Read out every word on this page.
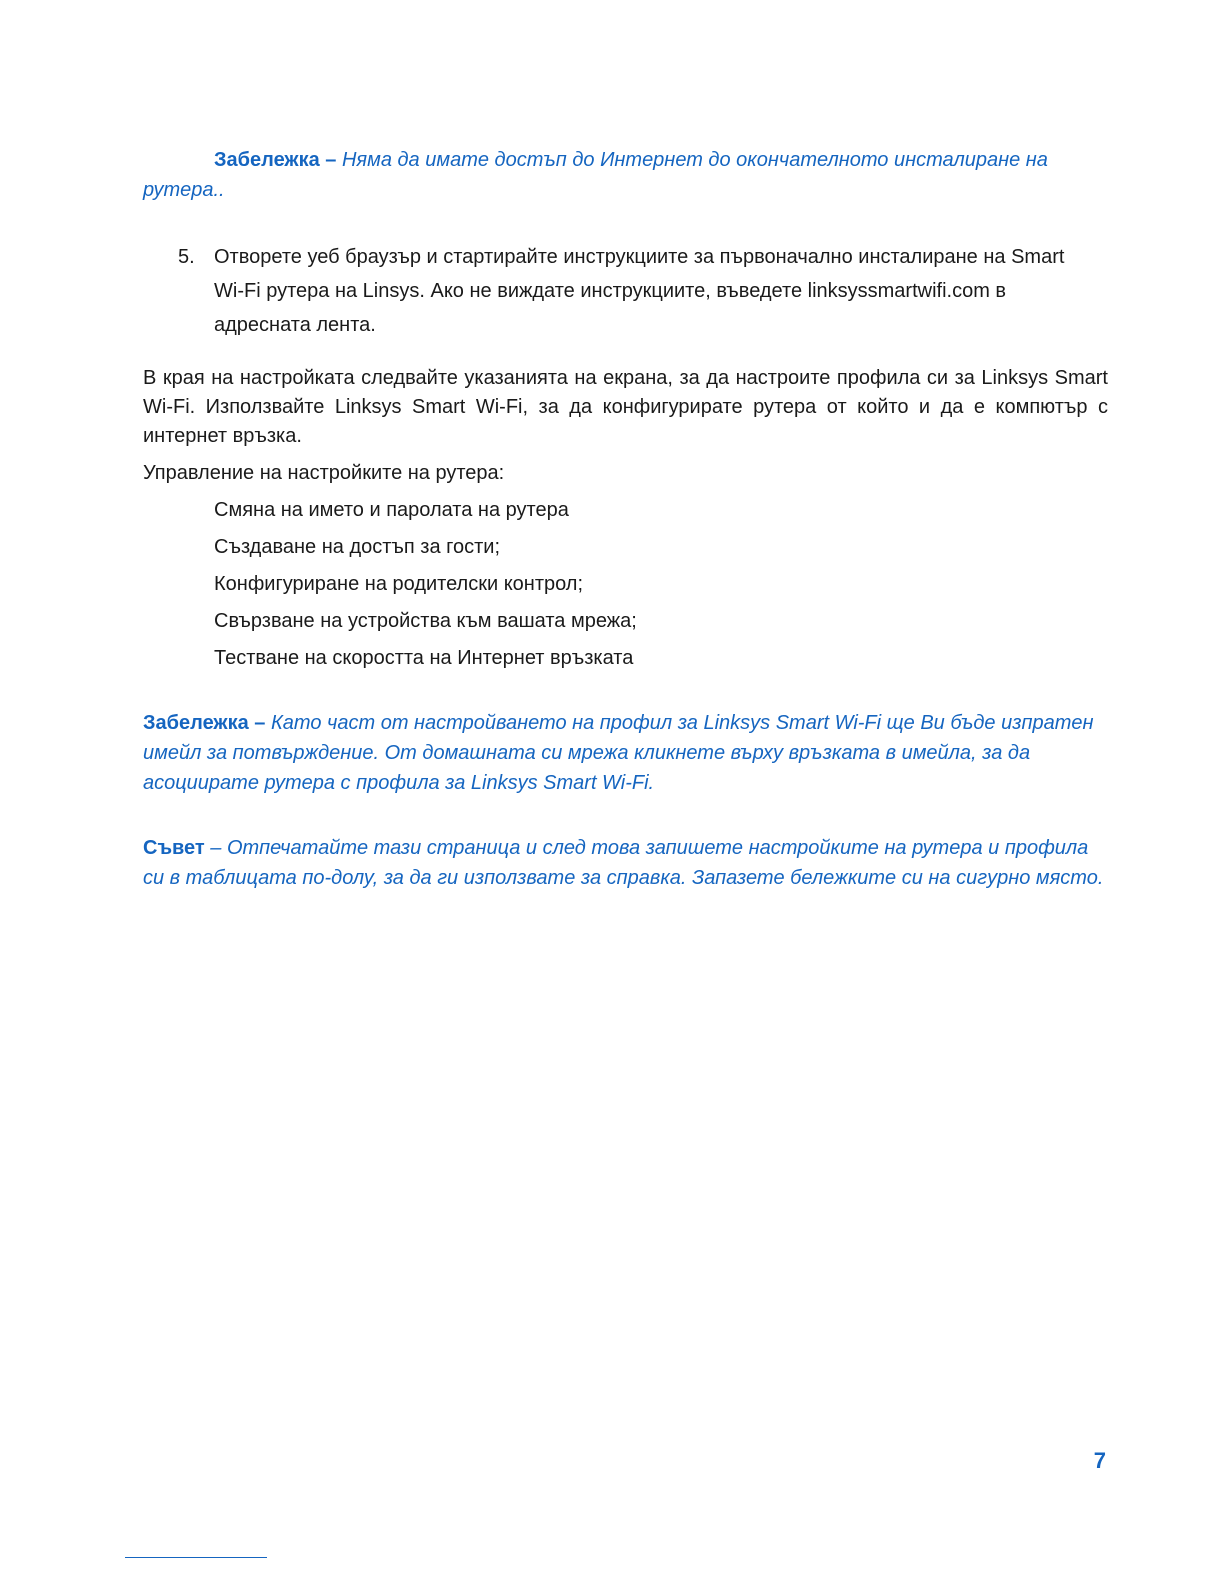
Забележка – Няма да имате достъп до Интернет до окончателното инсталиране на рутера..

5. Отворете уеб браузър и стартирайте инструкциите за първоначално инсталиране на Smart Wi-Fi рутера на Linsys. Ако не виждате инструкциите, въведете linksyssmartwifi.com в адресната лента.

В края на настройката следвайте указанията на екрана, за да настроите профила си за Linksys Smart Wi-Fi. Използвайте Linksys Smart Wi-Fi, за да конфигурирате рутера от който и да е компютър с интернет връзка.

Управление на настройките на рутера:
Смяна на името и паролата на рутера
Създаване на достъп за гости;
Конфигуриране на родителски контрол;
Свързване на устройства към вашата мрежа;
Тестване на скоростта на Интернет връзката

Забележка – Като част от настройването на профил за Linksys Smart Wi-Fi ще Ви бъде изпратен имейл за потвърждение. От домашната си мрежа кликнете върху връзката в имейла, за да асоциирате рутера с профила за Linksys Smart Wi-Fi.

Съвет – Отпечатайте тази страница и след това запишете настройките на рутера и профила си в таблицата по-долу, за да ги използвате за справка. Запазете бележките си на сигурно място.

7
